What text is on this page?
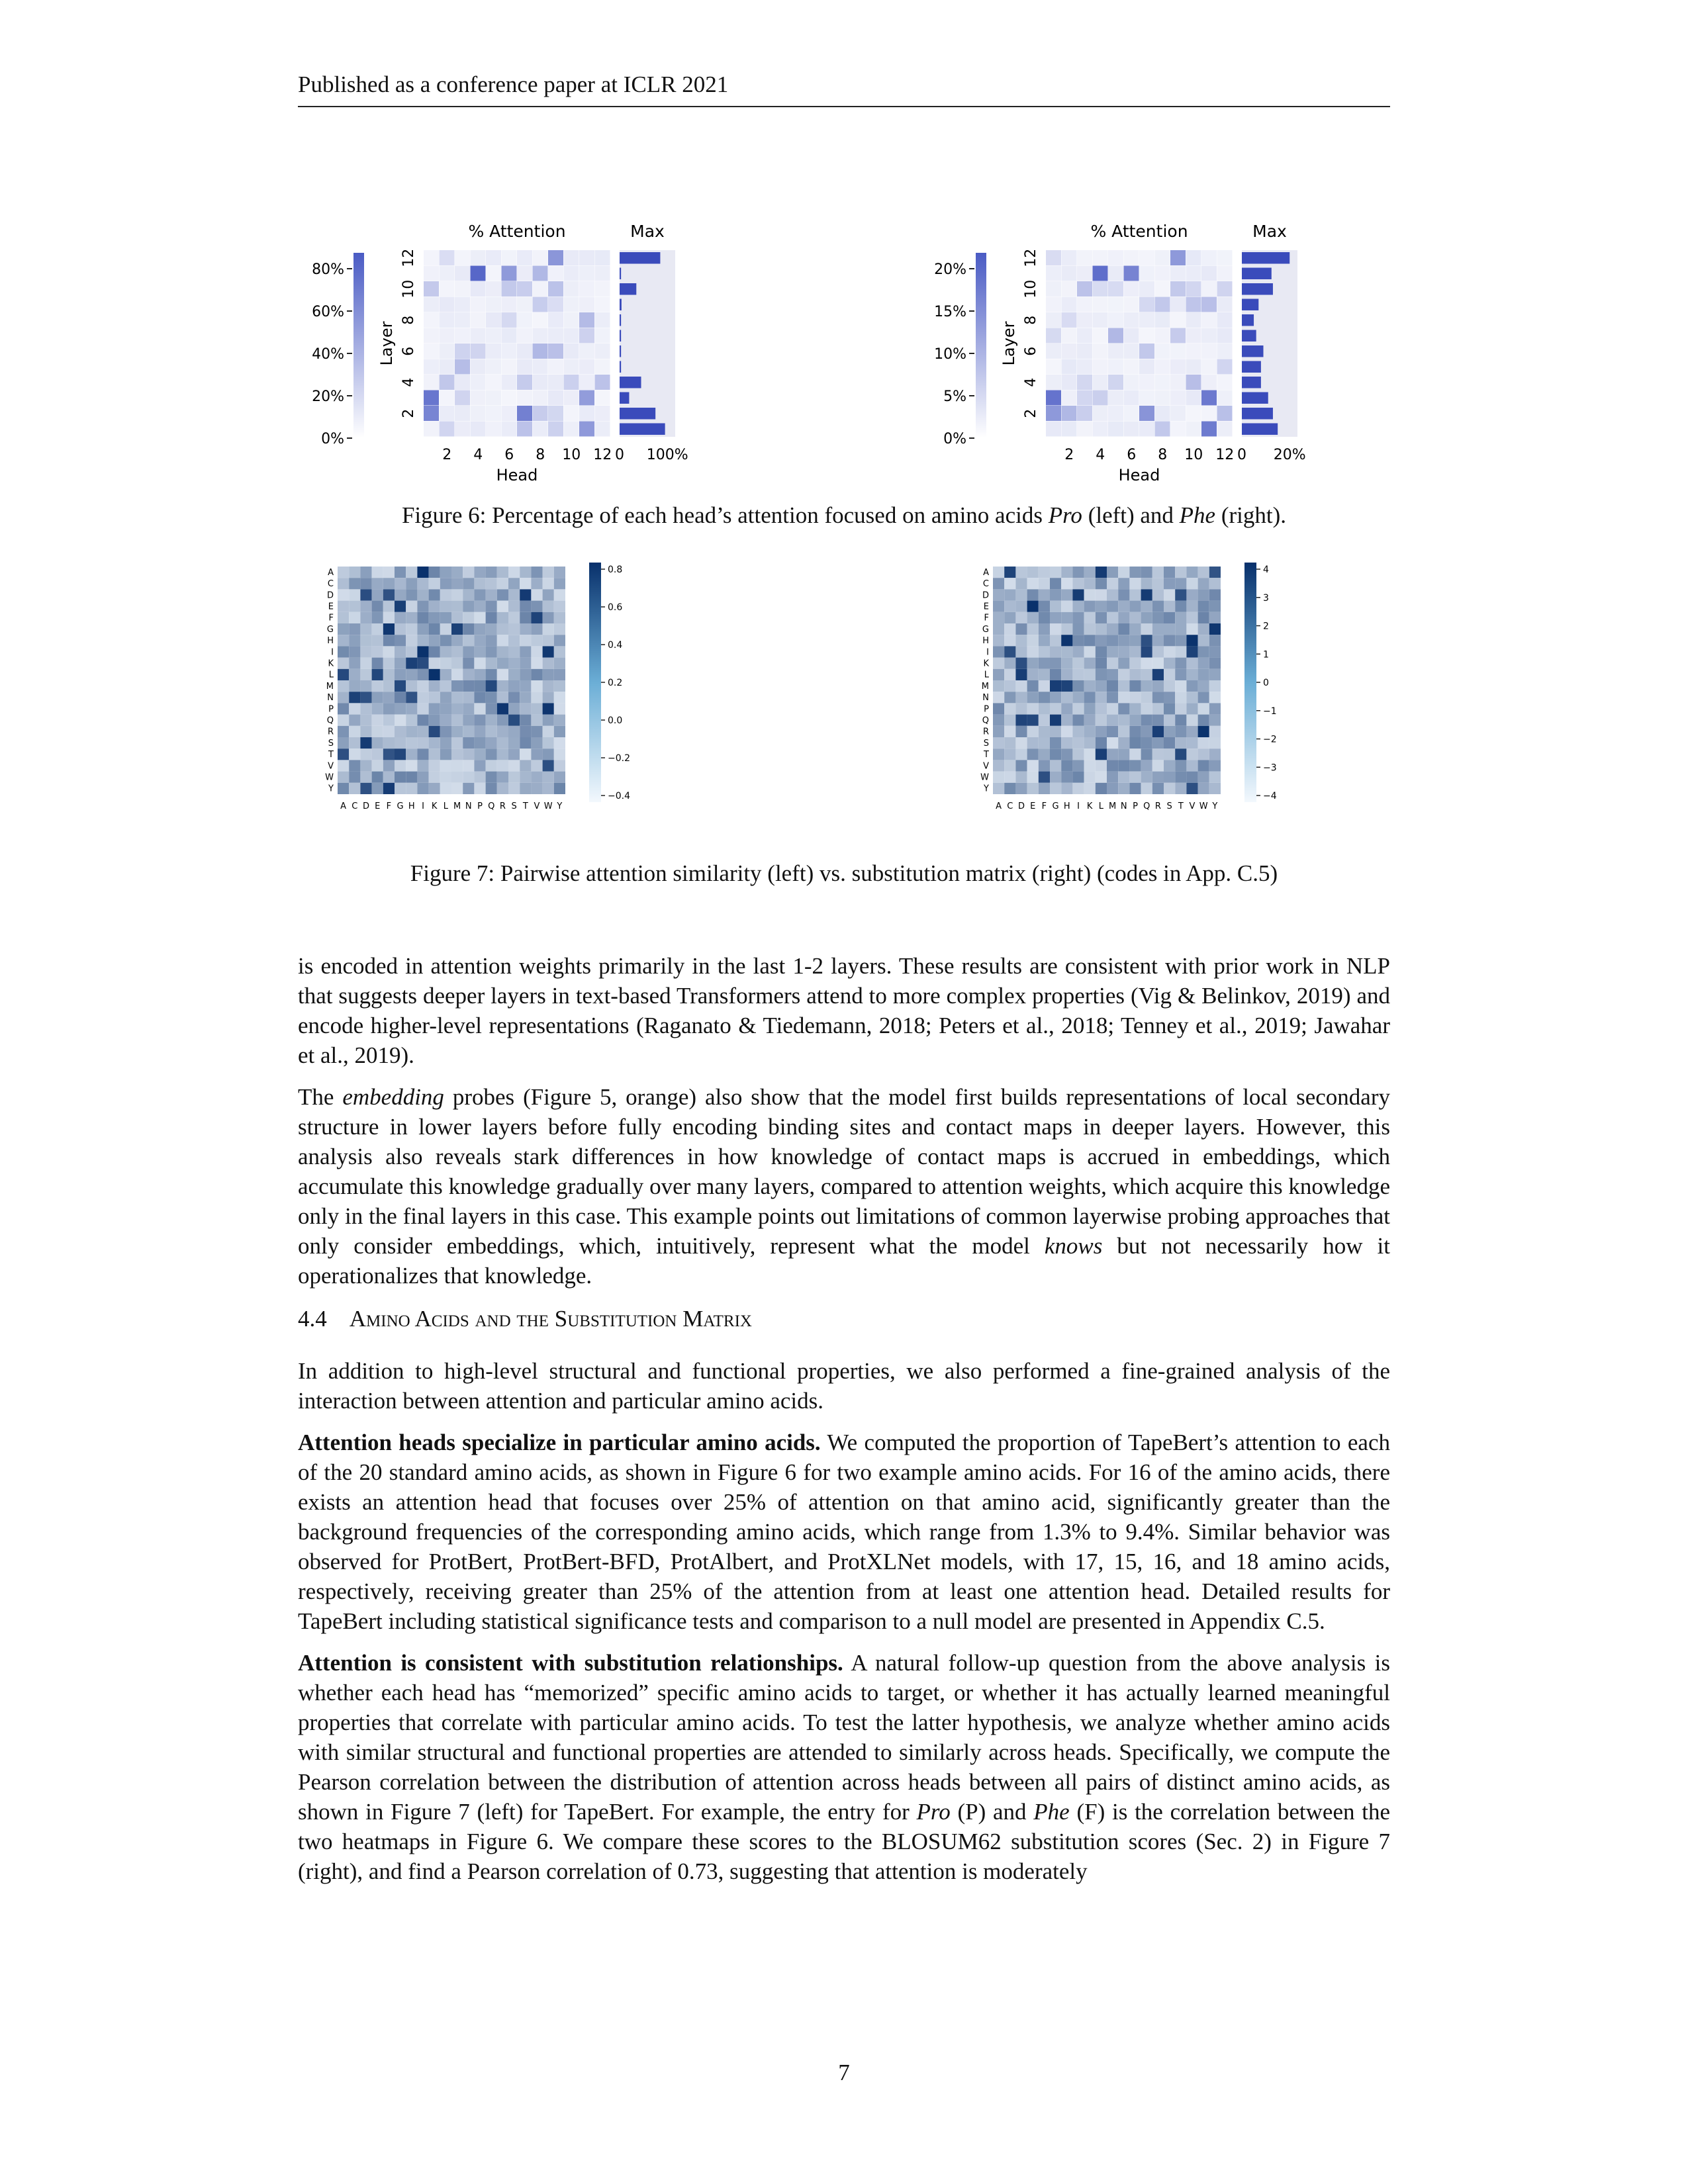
Published as a conference paper at ICLR 2021
80%
60%
40%
20%
0%
% Attention
2 4 6 8 10 12
Head
12
10
8
6
4
2
Layer
Max
0 100%
20%
15%
10%
5%
0%
% Attention
2 4 6 8 10 12
Head
12
10
8
6
4
2
Layer
Max
0 20%
Figure 6: Percentage of each head’s attention focused on amino acids Pro (left) and Phe (right).
A
A
C
C
D
D
E
E
F
F
G
G
H
H
I
I
K
K
L
L
M
M
N
N
P
P
Q
Q
R
R
S
S
T
T
V
V
W
W
Y
Y
0.8
0.6
0.4
0.2
0.0
−0.2
−0.4
A
A
C
C
D
D
E
E
F
F
G
G
H
H
I
I
K
K
L
L
M
M
N
N
P
P
Q
Q
R
R
S
S
T
T
V
V
W
W
Y
Y
4
3
2
1
0
−1
−2
−3
−4
Figure 7: Pairwise attention similarity (left) vs. substitution matrix (right) (codes in App. C.5)

is encoded in attention weights primarily in the last 1-2 layers. These results are consistent with prior work in NLP that suggests deeper layers in text-based Transformers attend to more complex properties (Vig & Belinkov, 2019) and encode higher-level representations (Raganato & Tiedemann, 2018; Peters et al., 2018; Tenney et al., 2019; Jawahar et al., 2019).

The embedding probes (Figure 5, orange) also show that the model first builds representations of local secondary structure in lower layers before fully encoding binding sites and contact maps in deeper layers. However, this analysis also reveals stark differences in how knowledge of contact maps is accrued in embeddings, which accumulate this knowledge gradually over many layers, compared to attention weights, which acquire this knowledge only in the final layers in this case. This example points out limitations of common layerwise probing approaches that only consider embeddings, which, intuitively, represent what the model knows but not necessarily how it operationalizes that knowledge.

4.4 Amino Acids and the Substitution Matrix

In addition to high-level structural and functional properties, we also performed a fine-grained analysis of the interaction between attention and particular amino acids.

Attention heads specialize in particular amino acids. We computed the proportion of TapeBert’s attention to each of the 20 standard amino acids, as shown in Figure 6 for two example amino acids. For 16 of the amino acids, there exists an attention head that focuses over 25% of attention on that amino acid, significantly greater than the background frequencies of the corresponding amino acids, which range from 1.3% to 9.4%. Similar behavior was observed for ProtBert, ProtBert-BFD, ProtAlbert, and ProtXLNet models, with 17, 15, 16, and 18 amino acids, respectively, receiving greater than 25% of the attention from at least one attention head. Detailed results for TapeBert including statistical significance tests and comparison to a null model are presented in Appendix C.5.

Attention is consistent with substitution relationships. A natural follow-up question from the above analysis is whether each head has “memorized” specific amino acids to target, or whether it has actually learned meaningful properties that correlate with particular amino acids. To test the latter hypothesis, we analyze whether amino acids with similar structural and functional properties are attended to similarly across heads. Specifically, we compute the Pearson correlation between the distribution of attention across heads between all pairs of distinct amino acids, as shown in Figure 7 (left) for TapeBert. For example, the entry for Pro (P) and Phe (F) is the correlation between the two heatmaps in Figure 6. We compare these scores to the BLOSUM62 substitution scores (Sec. 2) in Figure 7 (right), and find a Pearson correlation of 0.73, suggesting that attention is moderately

7
